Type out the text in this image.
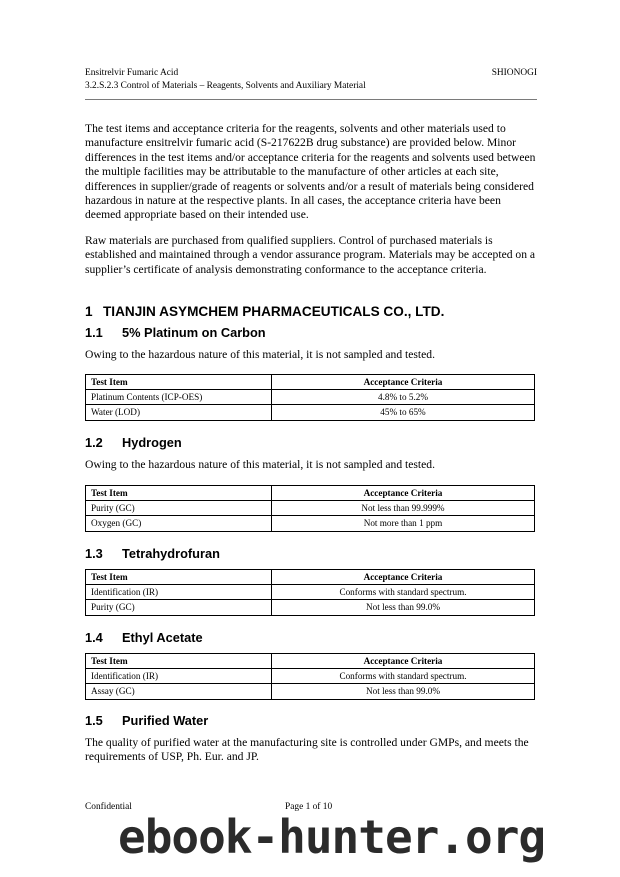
Ensitrelvir Fumaric Acid	SHIONOGI
3.2.S.2.3 Control of Materials – Reagents, Solvents and Auxiliary Material

The test items and acceptance criteria for the reagents, solvents and other materials used to manufacture ensitrelvir fumaric acid (S-217622B drug substance) are provided below. Minor differences in the test items and/or acceptance criteria for the reagents and solvents used between the multiple facilities may be attributable to the manufacture of other articles at each site, differences in supplier/grade of reagents or solvents and/or a result of materials being considered hazardous in nature at the respective plants. In all cases, the acceptance criteria have been deemed appropriate based on their intended use.

Raw materials are purchased from qualified suppliers. Control of purchased materials is established and maintained through a vendor assurance program. Materials may be accepted on a supplier’s certificate of analysis demonstrating conformance to the acceptance criteria.

1 TIANJIN ASYMCHEM PHARMACEUTICALS CO., LTD.
1.1 5% Platinum on Carbon

Owing to the hazardous nature of this material, it is not sampled and tested.

Test Item	Acceptance Criteria
Platinum Contents (ICP-OES)	4.8% to 5.2%
Water (LOD)	45% to 65%
1.2 Hydrogen

Owing to the hazardous nature of this material, it is not sampled and tested.

Test Item	Acceptance Criteria
Purity (GC)	Not less than 99.999%
Oxygen (GC)	Not more than 1 ppm
1.3 Tetrahydrofuran
Test Item	Acceptance Criteria
Identification (IR)	Conforms with standard spectrum.
Purity (GC)	Not less than 99.0%
1.4 Ethyl Acetate
Test Item	Acceptance Criteria
Identification (IR)	Conforms with standard spectrum.
Assay (GC)	Not less than 99.0%
1.5 Purified Water

The quality of purified water at the manufacturing site is controlled under GMPs, and meets the requirements of USP, Ph. Eur. and JP.

Confidential	Page 1 of 10
ebook-hunter.org
